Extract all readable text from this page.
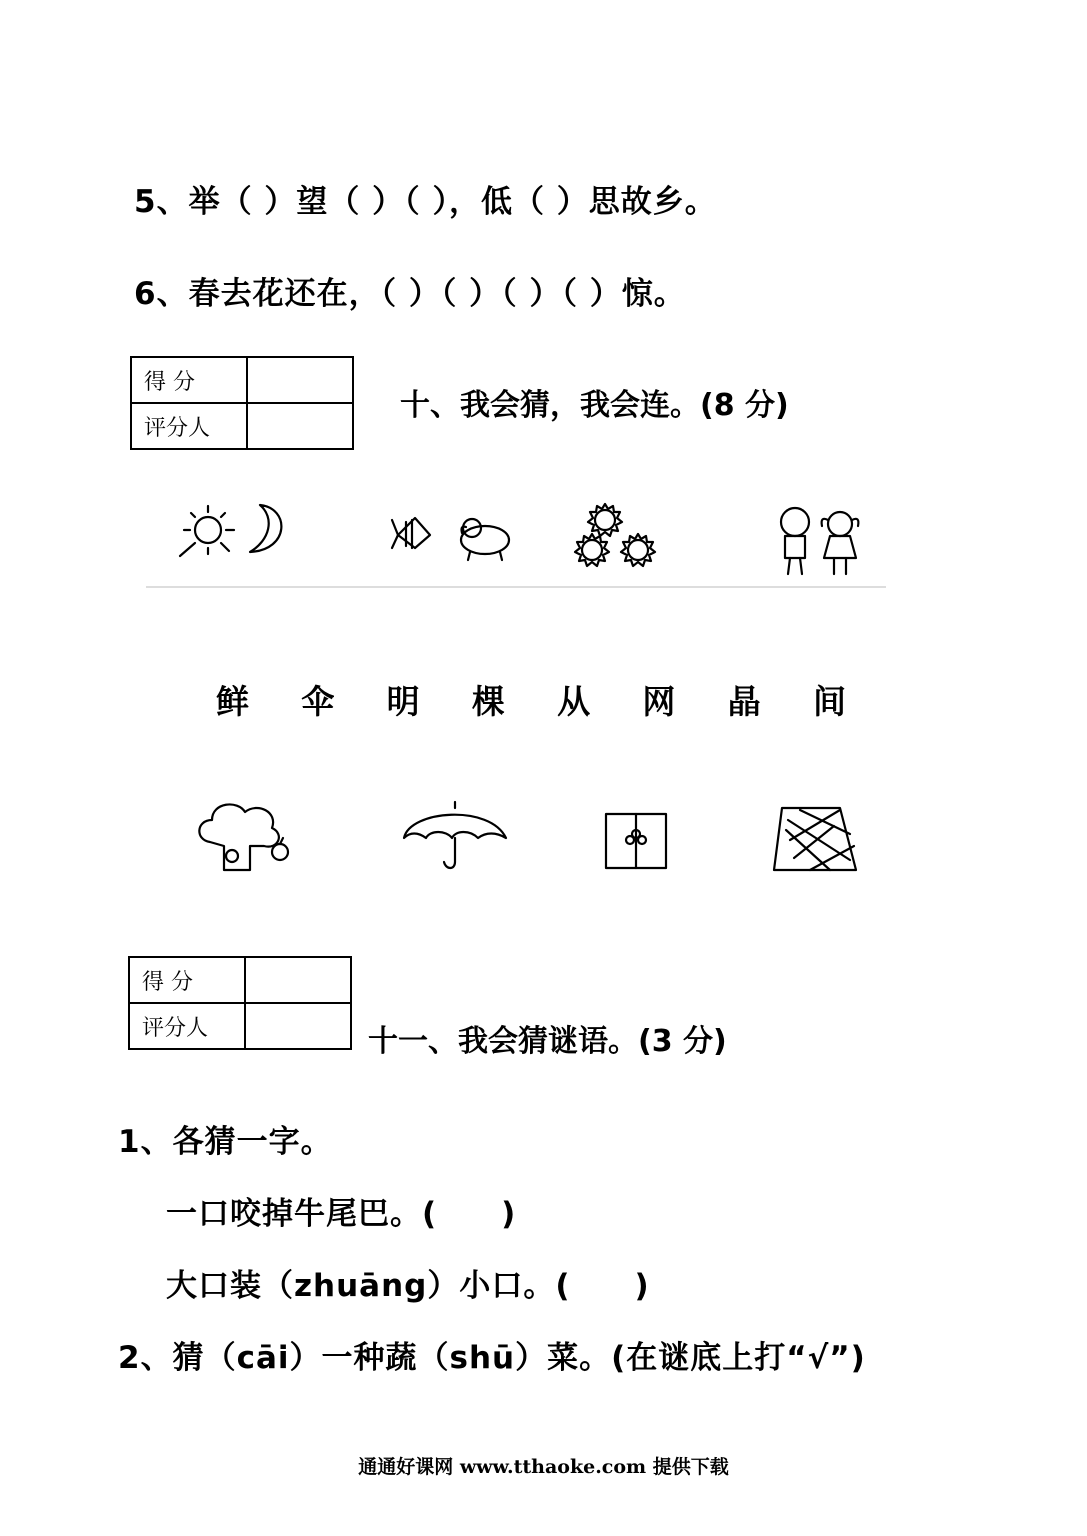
5、举（ ）望（ ）（ ），低（ ）思故乡。
6、春去花还在，（ ）（ ）（ ）（ ）惊。
得 分	
评分人	
十、我会猜，我会连。(8 分)
鲜 伞 明 棵 从 网 晶 间
得 分	
评分人		十一、我会猜谜语。(3 分)
1、各猜一字。
一口咬掉牛尾巴。(　　)
大口装（zhuāng）小口。(　　)
2、猜（cāi）一种蔬（shū）菜。(在谜底上打“√”)
通通好课网 www.tthaoke.com 提供下载
